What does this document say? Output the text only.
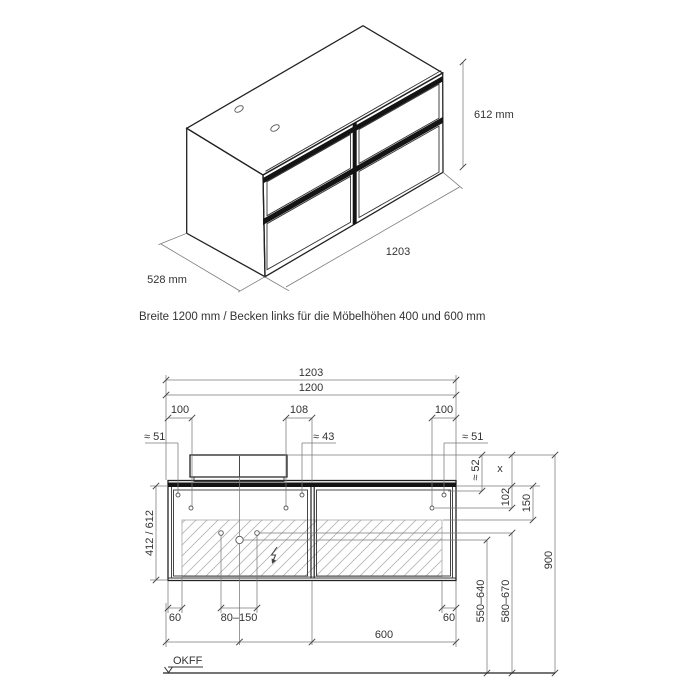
612 mm
1203
528 mm
Breite 1200 mm / Becken links für die Möbelhöhen 400 und 600 mm
1203
1200
100	108	100
≈ 51	≈ 43	≈ 51
≈ 52 x
102 150
412 / 612
900
550–640 580–670
60	80–150	60
600
OKFF
